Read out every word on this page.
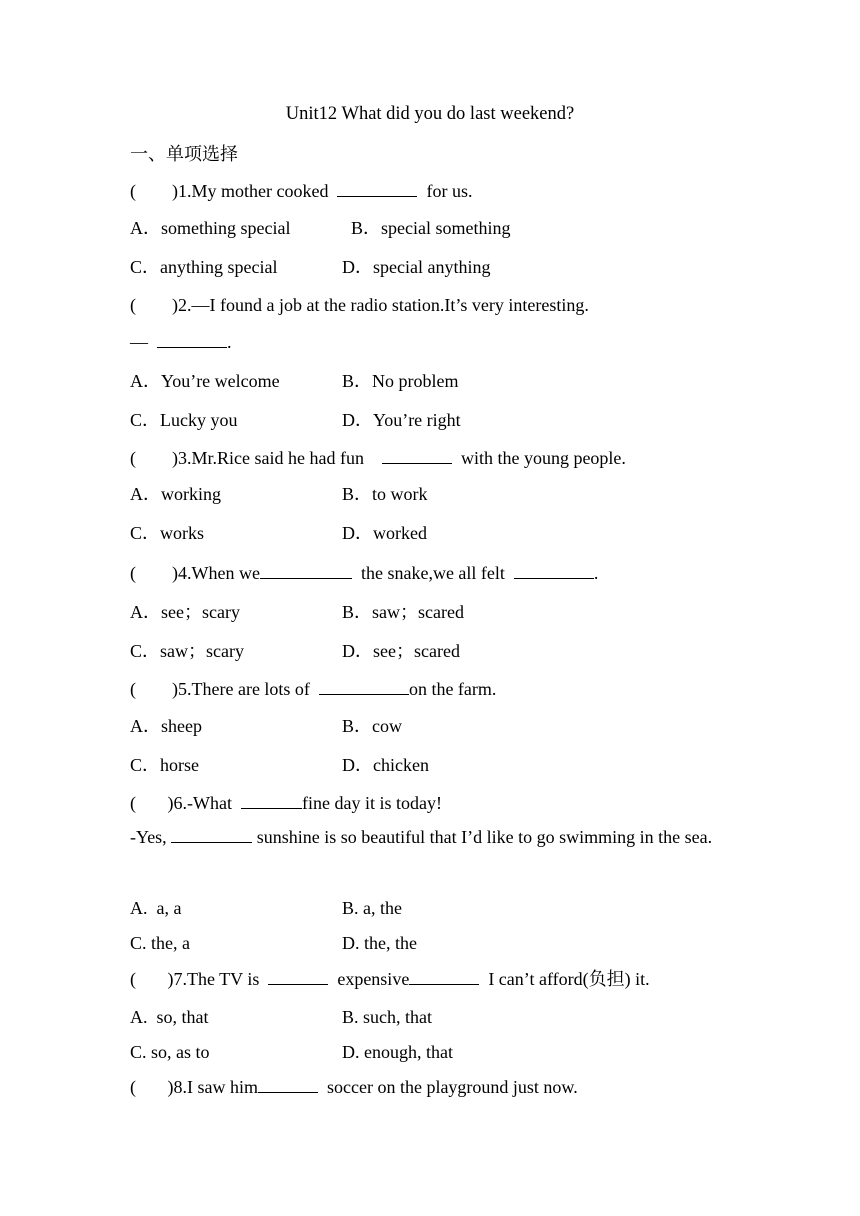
Unit12 What did you do last weekend?
一、单项选择
(        )1.My mother cooked	for us.
A．something special	B．special something
C．anything special	D．special anything
(        )2.—I found a job at the radio station.It’s very interesting.
—	.
A．You’re welcome	B．No problem
C．Lucky you	D．You’re right
(        )3.Mr.Rice said he had fun	with the young people.
A．working	B．to work
C．works	D．worked
(        )4.When we	the snake,we all felt	.
A．see；scary	B．saw；scared
C．saw；scary	D．see；scared
(        )5.There are lots of	on the farm.
A．sheep	B．cow
C．horse	D．chicken
(       )6.-What	fine day it is today!
-Yes,	sunshine is so beautiful that I’d like to go swimming in the sea.
A.  a, a	B. a, the
C. the, a	D. the, the
(       )7.The TV is	expensive	I can’t afford(负担) it.
A.  so, that	B. such, that
C. so, as to	D. enough, that
(       )8.I saw him	soccer on the playground just now.
